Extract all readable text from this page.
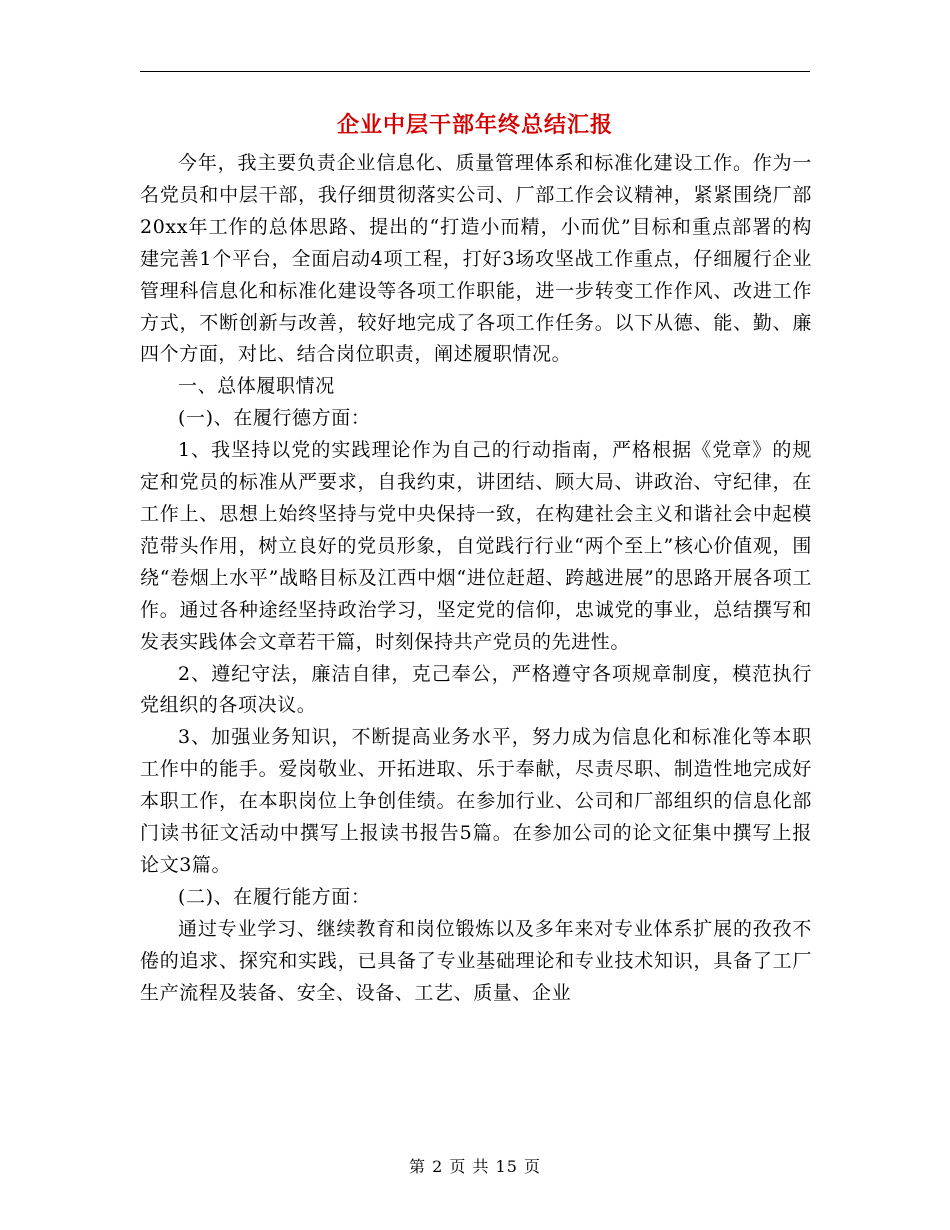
企业中层干部年终总结汇报

今年，我主要负责企业信息化、质量管理体系和标准化建设工作。作为一名党员和中层干部，我仔细贯彻落实公司、厂部工作会议精神，紧紧围绕厂部20xx年工作的总体思路、提出的“打造小而精，小而优”目标和重点部署的构建完善1个平台，全面启动4项工程，打好3场攻坚战工作重点，仔细履行企业管理科信息化和标准化建设等各项工作职能，进一步转变工作作风、改进工作方式，不断创新与改善，较好地完成了各项工作任务。以下从德、能、勤、廉四个方面，对比、结合岗位职责，阐述履职情况。

一、总体履职情况

(一)、在履行德方面：

1、我坚持以党的实践理论作为自己的行动指南，严格根据《党章》的规定和党员的标准从严要求，自我约束，讲团结、顾大局、讲政治、守纪律，在工作上、思想上始终坚持与党中央保持一致，在构建社会主义和谐社会中起模范带头作用，树立良好的党员形象，自觉践行行业“两个至上”核心价值观，围绕“卷烟上水平”战略目标及江西中烟“进位赶超、跨越进展”的思路开展各项工作。通过各种途经坚持政治学习，坚定党的信仰，忠诚党的事业，总结撰写和发表实践体会文章若干篇，时刻保持共产党员的先进性。

2、遵纪守法，廉洁自律，克己奉公，严格遵守各项规章制度，模范执行党组织的各项决议。

3、加强业务知识，不断提高业务水平，努力成为信息化和标准化等本职工作中的能手。爱岗敬业、开拓进取、乐于奉献，尽责尽职、制造性地完成好本职工作，在本职岗位上争创佳绩。在参加行业、公司和厂部组织的信息化部门读书征文活动中撰写上报读书报告5篇。在参加公司的论文征集中撰写上报论文3篇。

(二)、在履行能方面：

通过专业学习、继续教育和岗位锻炼以及多年来对专业体系扩展的孜孜不倦的追求、探究和实践，已具备了专业基础理论和专业技术知识，具备了工厂生产流程及装备、安全、设备、工艺、质量、企业

第 2 页 共 15 页
